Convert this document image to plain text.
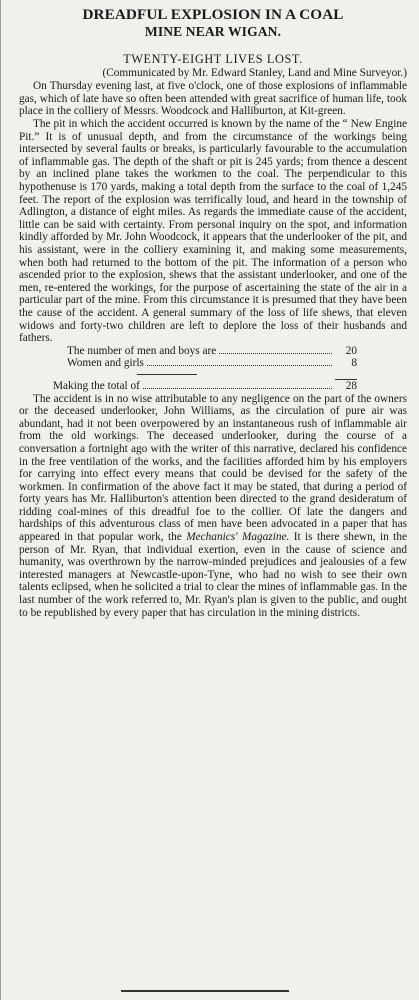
DREADFUL EXPLOSION IN A COAL
MINE NEAR WIGAN.
TWENTY-EIGHT LIVES LOST.
(Communicated by Mr. Edward Stanley, Land and Mine Surveyor.)

On Thursday evening last, at five o'clock, one of those explosions of inflammable gas, which of late have so often been attended with great sacrifice of human life, took place in the colliery of Messrs. Woodcock and Halliburton, at Kit-green.

The pit in which the accident occurred is known by the name of the “ New Engine Pit.” It is of unusual depth, and from the circumstance of the workings being intersected by several faults or breaks, is particularly favourable to the accumulation of inflammable gas. The depth of the shaft or pit is 245 yards; from thence a descent by an inclined plane takes the workmen to the coal. The perpendicular to this hypothenuse is 170 yards, making a total depth from the surface to the coal of 1,245 feet. The report of the explosion was terrifically loud, and heard in the township of Adlington, a distance of eight miles. As regards the immediate cause of the accident, little can be said with certainty. From personal inquiry on the spot, and information kindly afforded by Mr. John Woodcock, it appears that the underlooker of the pit, and his assistant, were in the colliery examining it, and making some measurements, when both had returned to the bottom of the pit. The information of a person who ascended prior to the explosion, shews that the assistant underlooker, and one of the men, re-entered the workings, for the purpose of ascertaining the state of the air in a particular part of the mine. From this circumstance it is presumed that they have been the cause of the accident. A general summary of the loss of life shews, that eleven widows and forty-two children are left to deplore the loss of their husbands and fathers.

The number of men and boys are	20
Women and girls	8
Making the total of	28

The accident is in no wise attributable to any negligence on the part of the owners or the deceased underlooker, John Williams, as the circulation of pure air was abundant, had it not been overpowered by an instantaneous rush of inflammable air from the old workings. The deceased underlooker, during the course of a conversation a fortnight ago with the writer of this narrative, declared his confidence in the free ventilation of the works, and the facilities afforded him by his employers for carrying into effect every means that could be devised for the safety of the workmen. In confirmation of the above fact it may be stated, that during a period of forty years has Mr. Halliburton's attention been directed to the grand desideratum of ridding coal-mines of this dreadful foe to the collier. Of late the dangers and hardships of this adventurous class of men have been advocated in a paper that has appeared in that popular work, the Mechanics' Magazine. It is there shewn, in the person of Mr. Ryan, that individual exertion, even in the cause of science and humanity, was overthrown by the narrow-minded prejudices and jealousies of a few interested managers at Newcastle-upon-Tyne, who had no wish to see their own talents eclipsed, when he solicited a trial to clear the mines of inflammable gas. In the last number of the work referred to, Mr. Ryan's plan is given to the public, and ought to be republished by every paper that has circulation in the mining districts.
